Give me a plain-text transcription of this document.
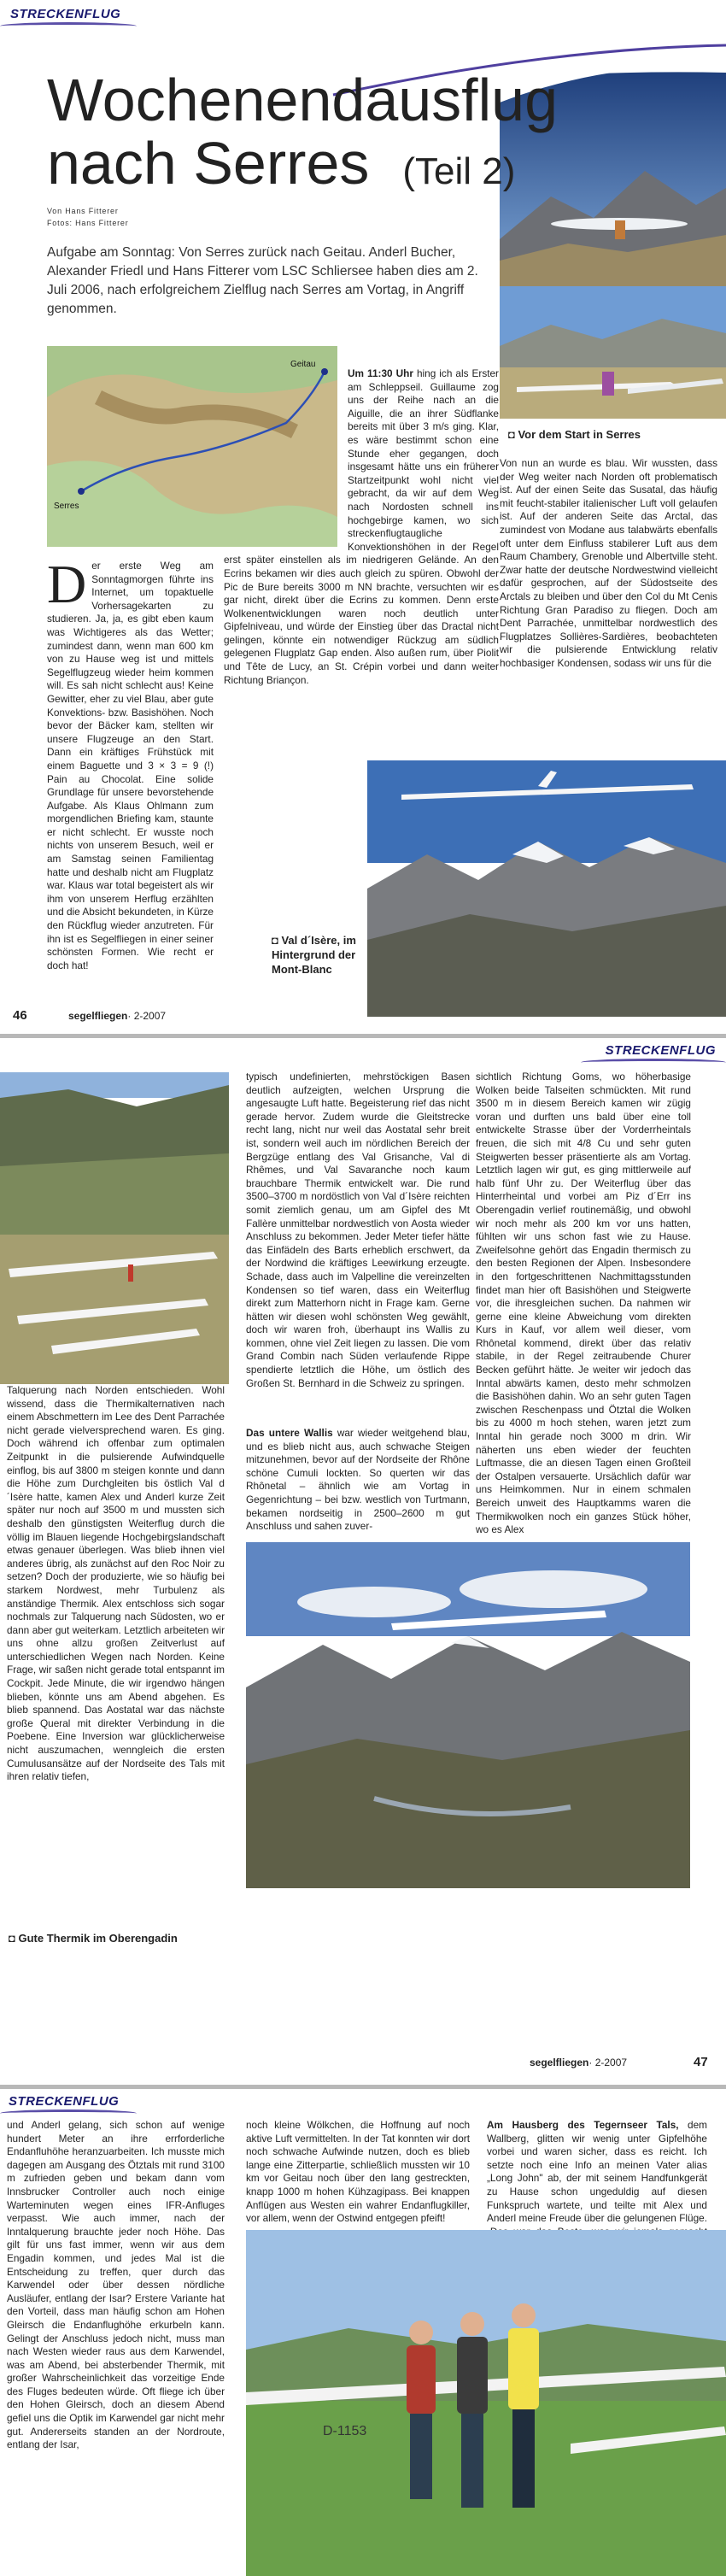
STRECKENFLUG
Wochenendausflug
nach Serres (Teil 2)
Von Hans Fitterer
Fotos: Hans Fitterer
Aufgabe am Sonntag: Von Serres zurück nach Geitau. Anderl Bucher, Alexander Friedl und Hans Fitterer vom LSC Schliersee haben dies am 2. Juli 2006, nach erfolgreichem Zielflug nach Serres am Vortag, in Angriff genommen.
◘ Vor dem Start in Serres
Geitau
Serres
Der erste Weg am Sonntagmorgen führte ins Internet, um topaktuelle Vorhersagekarten zu studieren. Ja, ja, es gibt eben kaum was Wichtigeres als das Wetter; zumindest dann, wenn man 600 km von zu Hause weg ist und mittels Segelflugzeug wieder heim kommen will. Es sah nicht schlecht aus! Keine Gewitter, eher zu viel Blau, aber gute Konvektions- bzw. Basishöhen. Noch bevor der Bäcker kam, stellten wir unsere Flugzeuge an den Start. Dann ein kräftiges Frühstück mit einem Baguette und 3 × 3 = 9 (!) Pain au Chocolat. Eine solide Grundlage für unsere bevorstehende Aufgabe. Als Klaus Ohlmann zum morgendlichen Briefing kam, staunte er nicht schlecht. Er wusste noch nichts von unserem Besuch, weil er am Samstag seinen Familientag hatte und deshalb nicht am Flugplatz war. Klaus war total begeistert als wir ihm von unserem Herflug erzählten und die Absicht bekundeten, in Kürze den Rückflug wieder anzutreten. Für ihn ist es Segelfliegen in einer seiner schönsten Formen. Wie recht er doch hat!
Um 11:30 Uhr hing ich als Erster am Schleppseil. Guillaume zog uns der Reihe nach an die Aiguille, die an ihrer Südflanke bereits mit über 3 m/s ging. Klar, es wäre bestimmt schon eine Stunde eher gegangen, doch insgesamt hätte uns ein früherer Startzeitpunkt wohl nicht viel gebracht, da wir auf dem Weg nach Nordosten schnell ins hochgebirge kamen, wo sich streckenflugtaugliche Konvektionshöhen in der Regel erst später einstellen als im niedrigeren Gelände. An den Ecrins bekamen wir dies auch gleich zu spüren. Obwohl der Pic de Bure bereits 3000 m NN brachte, versuchten wir es gar nicht, direkt über die Ecrins zu kommen. Denn erste Wolkenentwicklungen waren noch deutlich unter Gipfelniveau, und würde der Einstieg über das Dractal nicht gelingen, könnte ein notwendiger Rückzug am südlich gelegenen Flugplatz Gap enden. Also außen rum, über Piolit und Tête de Lucy, an St. Crépin vorbei und dann weiter Richtung Briançon.
Von nun an wurde es blau. Wir wussten, dass der Weg weiter nach Norden oft problematisch ist. Auf der einen Seite das Susatal, das häufig mit feucht-stabiler italienischer Luft voll gelaufen ist. Auf der anderen Seite das Arctal, das zumindest von Modane aus talabwärts ebenfalls oft unter dem Einfluss stabilerer Luft aus dem Raum Chambery, Grenoble und Albertville steht. Zwar hatte der deutsche Nordwestwind vielleicht dafür gesprochen, auf der Südostseite des Arctals zu bleiben und über den Col du Mt Cenis Richtung Gran Paradiso zu fliegen. Doch am Dent Parrachée, unmittelbar nordwestlich des Flugplatzes Sollières-Sardières, beobachteten wir die pulsierende Entwicklung relativ hochbasiger Kondensen, sodass wir uns für die
◘ Val d´Isère, im Hintergrund der Mont-Blanc
46	segelfliegen· 2-2007
STRECKENFLUG
Talquerung nach Norden entschieden. Wohl wissend, dass die Thermikalternativen nach einem Abschmettern im Lee des Dent Parrachée nicht gerade vielversprechend waren. Es ging. Doch während ich offenbar zum optimalen Zeitpunkt in die pulsierende Aufwindquelle einflog, bis auf 3800 m steigen konnte und dann die Höhe zum Durchgleiten bis östlich Val d´Isère hatte, kamen Alex und Anderl kurze Zeit später nur noch auf 3500 m und mussten sich deshalb den günstigsten Weiterflug durch die völlig im Blauen liegende Hochgebirgslandschaft etwas genauer überlegen. Was blieb ihnen viel anderes übrig, als zunächst auf den Roc Noir zu setzen? Doch der produzierte, wie so häufig bei starkem Nordwest, mehr Turbulenz als anständige Thermik. Alex entschloss sich sogar nochmals zur Talquerung nach Südosten, wo er dann aber gut weiterkam. Letztlich arbeiteten wir uns ohne allzu großen Zeitverlust auf unterschiedlichen Wegen nach Norden. Keine Frage, wir saßen nicht gerade total entspannt im Cockpit. Jede Minute, die wir irgendwo hängen blieben, könnte uns am Abend abgehen. Es blieb spannend. Das Aostatal war das nächste große Queral mit direkter Verbindung in die Poebene. Eine Inversion war glücklicherweise nicht auszumachen, wenngleich die ersten Cumulusansätze auf der Nordseite des Tals mit ihren relativ tiefen,
typisch undefinierten, mehrstöckigen Basen deutlich aufzeigten, welchen Ursprung die angesaugte Luft hatte. Begeisterung rief das nicht gerade hervor. Zudem wurde die Gleitstrecke recht lang, nicht nur weil das Aostatal sehr breit ist, sondern weil auch im nördlichen Bereich der Bergzüge entlang des Val Grisanche, Val di Rhêmes, und Val Savaranche noch kaum brauchbare Thermik entwickelt war. Die rund 3500–3700 m nordöstlich von Val d´Isère reichten somit ziemlich genau, um am Gipfel des Mt Fallère unmittelbar nordwestlich von Aosta wieder Anschluss zu bekommen. Jeder Meter tiefer hätte das Einfädeln des Barts erheblich erschwert, da der Nordwind die kräftiges Leewirkung erzeugte. Schade, dass auch im Valpelline die vereinzelten Kondensen so tief waren, dass ein Weiterflug direkt zum Matterhorn nicht in Frage kam. Gerne hätten wir diesen wohl schönsten Weg gewählt, doch wir waren froh, überhaupt ins Wallis zu kommen, ohne viel Zeit liegen zu lassen. Die vom Grand Combin nach Süden verlaufende Rippe spendierte letztlich die Höhe, um östlich des Großen St. Bernhard in die Schweiz zu springen.
Das untere Wallis war wieder weitgehend blau, und es blieb nicht aus, auch schwache Steigen mitzunehmen, bevor auf der Nordseite der Rhône schöne Cumuli lockten. So querten wir das Rhônetal – ähnlich wie am Vortag in Gegenrichtung – bei bzw. westlich von Turtmann, bekamen nordseitig in 2500–2600 m gut Anschluss und sahen zuver-
sichtlich Richtung Goms, wo höherbasige Wolken beide Talseiten schmückten. Mit rund 3500 m in diesem Bereich kamen wir zügig voran und durften uns bald über eine toll entwickelte Strasse über der Vorderrheintals freuen, die sich mit 4/8 Cu und sehr guten Steigwerten besser präsentierte als am Vortag. Letztlich lagen wir gut, es ging mittlerweile auf halb fünf Uhr zu. Der Weiterflug über das Hinterrheintal und vorbei am Piz d´Err ins Oberengadin verlief routinemäßig, und obwohl wir noch mehr als 200 km vor uns hatten, fühlten wir uns schon fast wie zu Hause. Zweifelsohne gehört das Engadin thermisch zu den besten Regionen der Alpen. Insbesondere in den fortgeschrittenen Nachmittagsstunden findet man hier oft Basishöhen und Steigwerte vor, die ihresgleichen suchen. Da nahmen wir gerne eine kleine Abweichung vom direkten Kurs in Kauf, vor allem weil dieser, vom Rhônetal kommend, direkt über das relativ stabile, in der Regel zeitraubende Churer Becken geführt hätte. Je weiter wir jedoch das Inntal abwärts kamen, desto mehr schmolzen die Basishöhen dahin. Wo an sehr guten Tagen zwischen Reschenpass und Ötztal die Wolken bis zu 4000 m hoch stehen, waren jetzt zum Inntal hin gerade noch 3000 m drin. Wir näherten uns eben wieder der feuchten Luftmasse, die an diesen Tagen einen Großteil der Ostalpen versauerte. Ursächlich dafür war uns Heimkommen. Nur in einem schmalen Bereich unweit des Hauptkamms waren die Thermikwolken noch ein ganzes Stück höher, wo es Alex
◘ Gute Thermik im Oberengadin
segelfliegen· 2-2007	47
STRECKENFLUG
und Anderl gelang, sich schon auf wenige hundert Meter an ihre errforderliche Endanfluhöhe heranzuarbeiten. Ich musste mich dagegen am Ausgang des Ötztals mit rund 3100 m zufrieden geben und bekam dann vom Innsbrucker Controller auch noch einige Warteminuten wegen eines IFR-Anfluges verpasst. Wie auch immer, nach der Inntalquerung brauchte jeder noch Höhe. Das gilt für uns fast immer, wenn wir aus dem Engadin kommen, und jedes Mal ist die Entscheidung zu treffen, quer durch das Karwendel oder über dessen nördliche Ausläufer, entlang der Isar? Erstere Variante hat den Vorteil, dass man häufig schon am Hohen Gleirsch die Endanflughöhe erkurbeln kann. Gelingt der Anschluss jedoch nicht, muss man nach Westen wieder raus aus dem Karwendel, was am Abend, bei absterbender Thermik, mit großer Wahrscheinlichkeit das vorzeitige Ende des Fluges bedeuten würde. Oft fliege ich über den Hohen Gleirsch, doch an diesem Abend gefiel uns die Optik im Karwendel gar nicht mehr gut. Andererseits standen an der Nordroute, entlang der Isar,
noch kleine Wölkchen, die Hoffnung auf noch aktive Luft vermittelten. In der Tat konnten wir dort noch schwache Aufwinde nutzen, doch es blieb lange eine Zitterpartie, schließlich mussten wir 10 km vor Geitau noch über den lang gestreckten, knapp 1000 m hohen Kühzagipass. Bei knappen Anflügen aus Westen ein wahrer Endanflugkiller, vor allem, wenn der Ostwind entgegen pfeift!
Am Hausberg des Tegernseer Tals, dem Wallberg, glitten wir wenig unter Gipfelhöhe vorbei und waren sicher, dass es reicht. Ich setzte noch eine Info an meinen Vater alias „Long John" ab, der mit seinem Handfunkgerät zu Hause schon ungeduldig auf diesen Funkspruch wartete, und teilte mit Alex und Anderl meine Freude über die gelungenen Flüge.
D-1153
